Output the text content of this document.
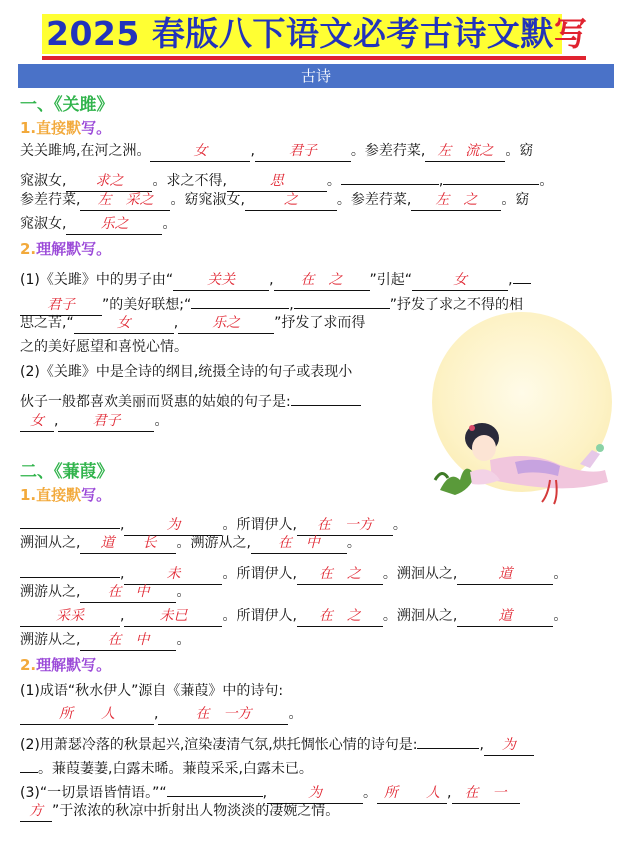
2025 春版八下语文必考古诗文默写
古诗
一、《关雎》
1.直接默写。
关关雎鸠,在河之洲。	女	, 君子 。参差荇菜, 左　流之 。窈
窕淑女, 求之 。求之不得,	思	。	,	。
参差荇菜, 左　采之 。窈窕淑女,	之	。参差荇菜, 左　之 。窈
窕淑女, 乐之 。
2.理解默写。
(1)《关雎》中的男子由“ 关关 , 在　之 ”引起“	女	,
君子 ”的美好联想;“	,	”抒发了求之不得的相
思之苦,“	女	, 乐之 ”抒发了求而得
之的美好愿望和喜悦心情。
(2)《关雎》中是全诗的纲目,统摄全诗的句子或表现小
伙子一般都喜欢美丽而贤惠的姑娘的句子是:
女 , 君子 。
二、《蒹葭》
1.直接默写。
,	为	。所谓伊人, 在　一方 。
溯洄从之, 道　　长 。溯游从之, 在　中 。
,	未	。所谓伊人, 在　之 。溯洄从之,	道	。
溯游从之, 在　中 。
采采	,	未已	。所谓伊人, 在　之 。溯洄从之,	道	。
溯游从之, 在　中 。
2.理解默写。
(1)成语“秋水伊人”源自《蒹葭》中的诗句:
所　　人	,	在　一方	。
(2)用萧瑟冷落的秋景起兴,渲染凄清气氛,烘托惆怅心情的诗句是:	, 为
。蒹葭萋萋,白露未晞。蒹葭采采,白露未已。
(3)“一切景语皆情语。”“	,	为	。 所　　人 , 在　一
方 ”于浓浓的秋凉中折射出人物淡淡的凄婉之情。
